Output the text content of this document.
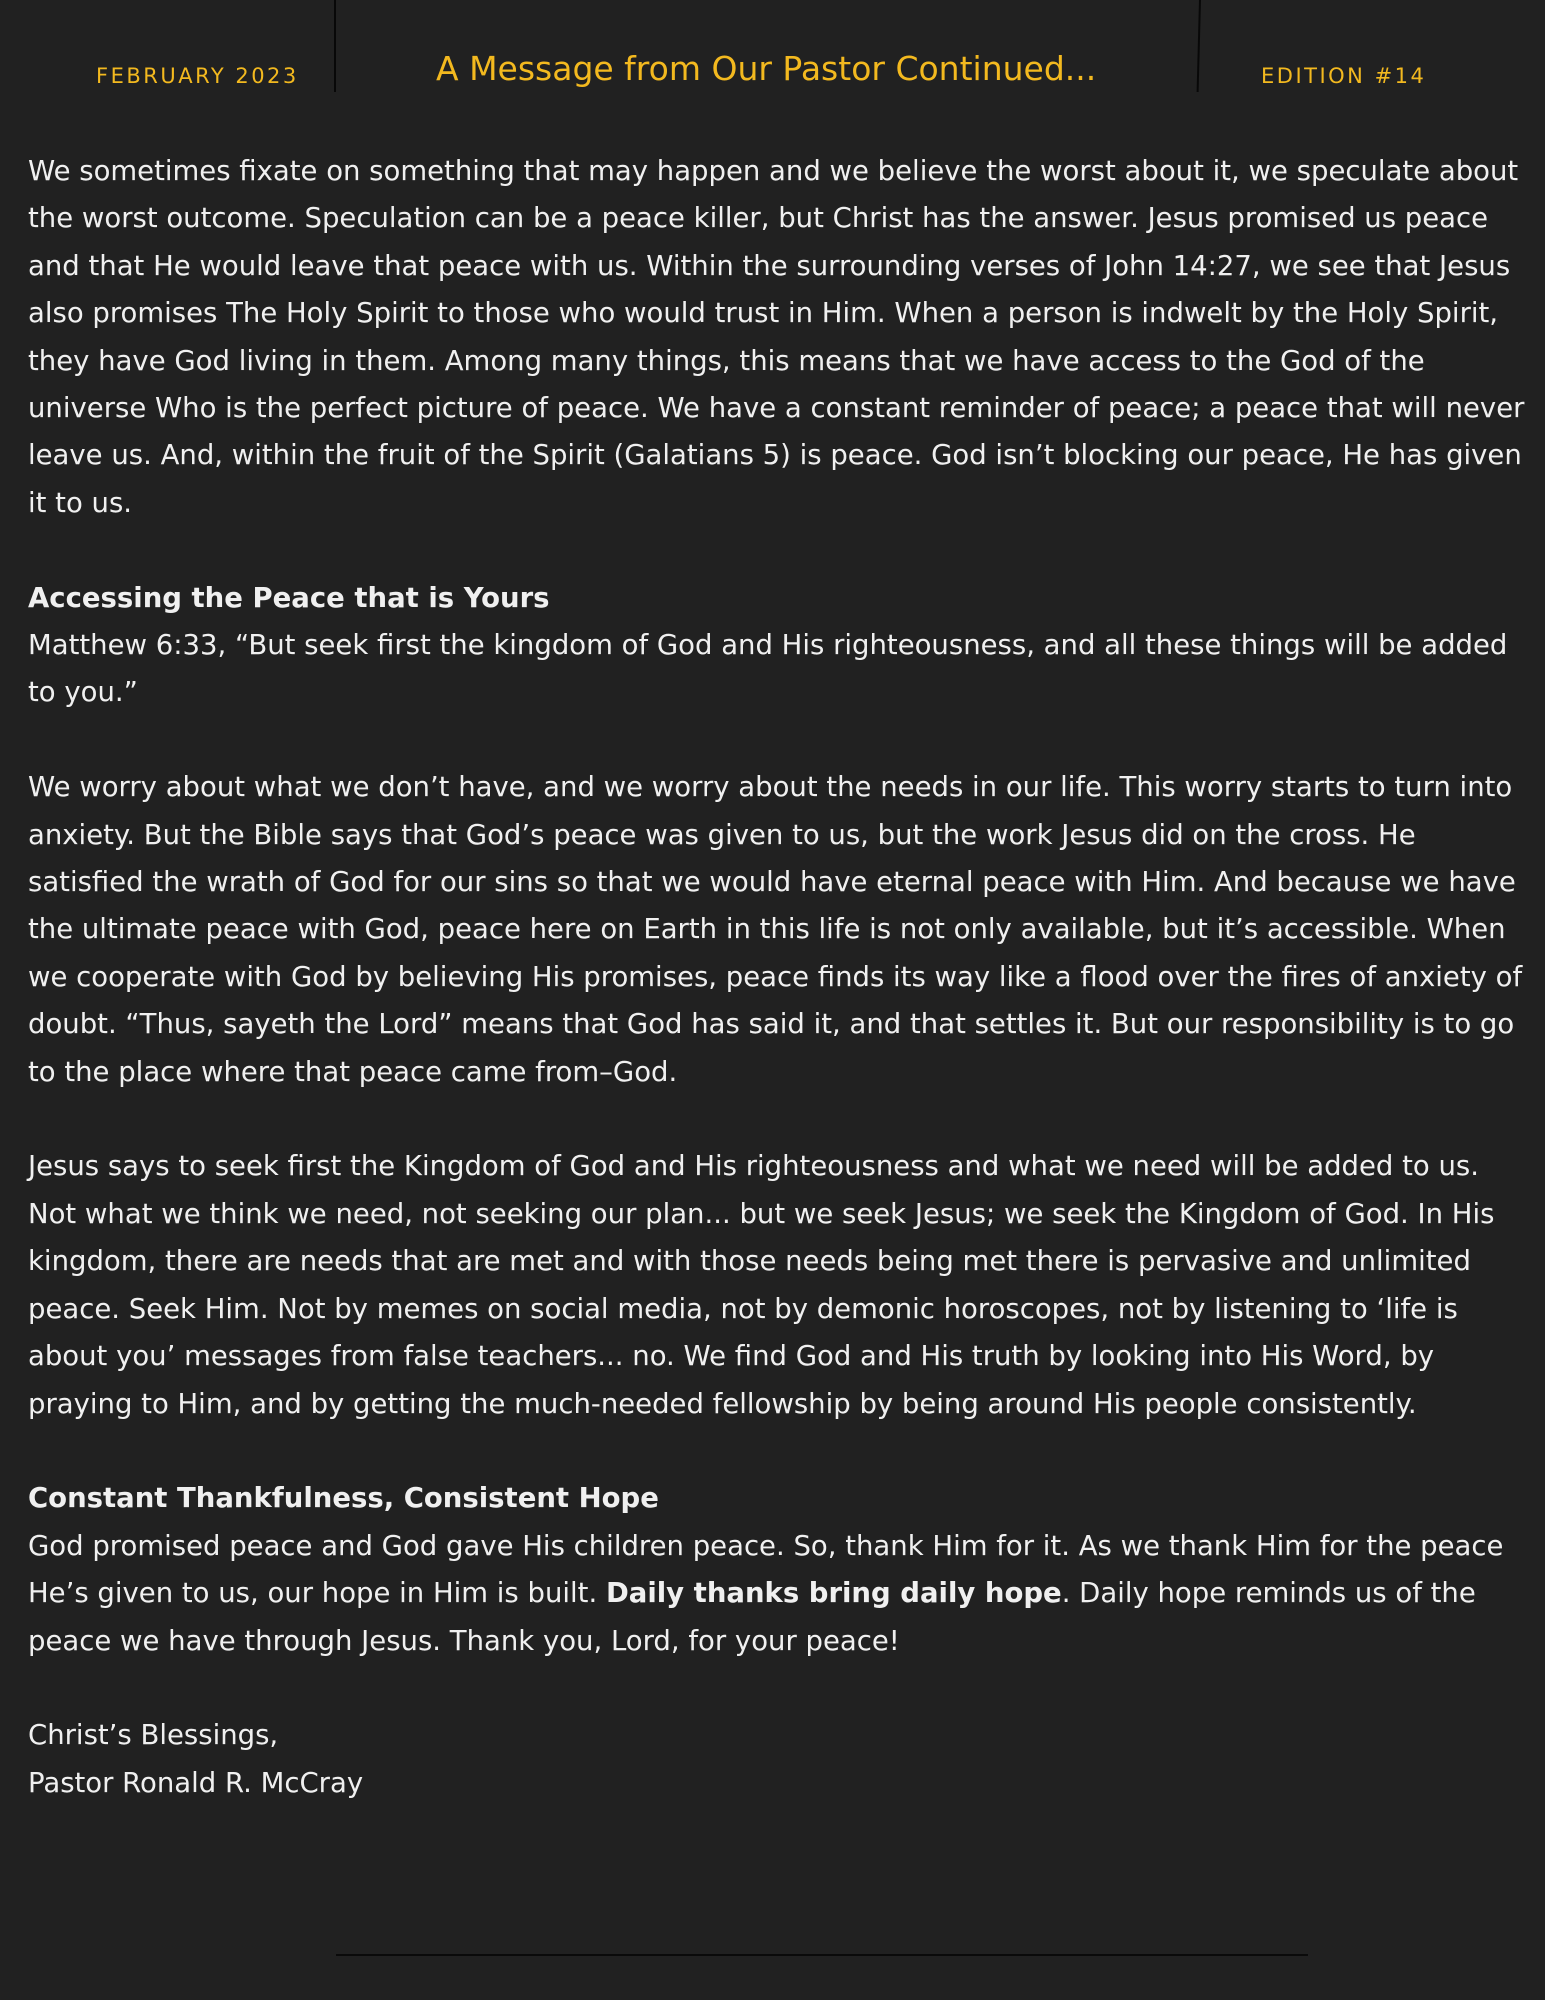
FEBRUARY 2023	A Message from Our Pastor Continued...	EDITION #14

We sometimes fixate on something that may happen and we believe the worst about it, we speculate about the worst outcome. Speculation can be a peace killer, but Christ has the answer. Jesus promised us peace and that He would leave that peace with us. Within the surrounding verses of John 14:27, we see that Jesus also promises The Holy Spirit to those who would trust in Him. When a person is indwelt by the Holy Spirit, they have God living in them. Among many things, this means that we have access to the God of the universe Who is the perfect picture of peace. We have a constant reminder of peace; a peace that will never leave us. And, within the fruit of the Spirit (Galatians 5) is peace. God isn’t blocking our peace, He has given it to us.

Accessing the Peace that is Yours
Matthew 6:33, “But seek first the kingdom of God and His righteousness, and all these things will be added to you.”

We worry about what we don’t have, and we worry about the needs in our life. This worry starts to turn into anxiety. But the Bible says that God’s peace was given to us, but the work Jesus did on the cross. He satisfied the wrath of God for our sins so that we would have eternal peace with Him. And because we have the ultimate peace with God, peace here on Earth in this life is not only available, but it’s accessible. When we cooperate with God by believing His promises, peace finds its way like a flood over the fires of anxiety of doubt. “Thus, sayeth the Lord” means that God has said it, and that settles it. But our responsibility is to go to the place where that peace came from–God.

Jesus says to seek first the Kingdom of God and His righteousness and what we need will be added to us. Not what we think we need, not seeking our plan... but we seek Jesus; we seek the Kingdom of God. In His kingdom, there are needs that are met and with those needs being met there is pervasive and unlimited peace. Seek Him. Not by memes on social media, not by demonic horoscopes, not by listening to ‘life is about you’ messages from false teachers... no. We find God and His truth by looking into His Word, by praying to Him, and by getting the much-needed fellowship by being around His people consistently.

Constant Thankfulness, Consistent Hope
God promised peace and God gave His children peace. So, thank Him for it. As we thank Him for the peace He’s given to us, our hope in Him is built. Daily thanks bring daily hope. Daily hope reminds us of the peace we have through Jesus. Thank you, Lord, for your peace!

Christ’s Blessings,
Pastor Ronald R. McCray
